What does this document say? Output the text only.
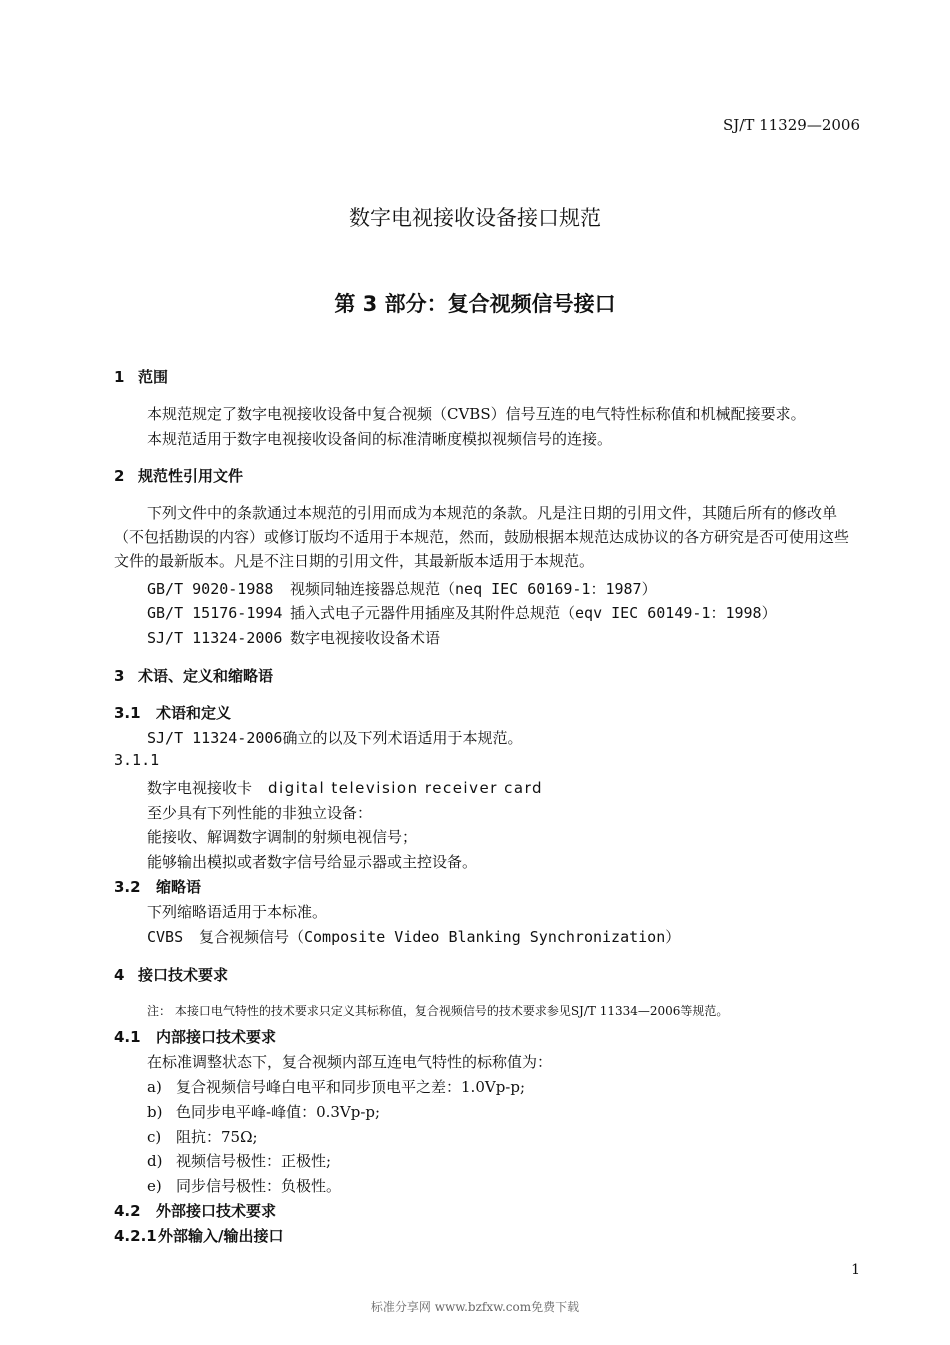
SJ/T 11329—2006
数字电视接收设备接口规范
第 3 部分：复合视频信号接口
1 范围
本规范规定了数字电视接收设备中复合视频（CVBS）信号互连的电气特性标称值和机械配接要求。
本规范适用于数字电视接收设备间的标准清晰度模拟视频信号的连接。
2 规范性引用文件
下列文件中的条款通过本规范的引用而成为本规范的条款。凡是注日期的引用文件，其随后所有的修改单（不包括勘误的内容）或修订版均不适用于本规范，然而，鼓励根据本规范达成协议的各方研究是否可使用这些文件的最新版本。凡是不注日期的引用文件，其最新版本适用于本规范。
GB/T 9020-1988 视频同轴连接器总规范（neq IEC 60169-1：1987）
GB/T 15176-1994 插入式电子元器件用插座及其附件总规范（eqv IEC 60149-1：1998）
SJ/T 11324-2006 数字电视接收设备术语
3 术语、定义和缩略语
3.1 术语和定义
SJ/T 11324-2006确立的以及下列术语适用于本规范。
3.1.1
数字电视接收卡 digital television receiver card
至少具有下列性能的非独立设备：
能接收、解调数字调制的射频电视信号；
能够输出模拟或者数字信号给显示器或主控设备。
3.2 缩略语
下列缩略语适用于本标准。
CVBS 复合视频信号（Composite Video Blanking Synchronization）
4 接口技术要求
注： 本接口电气特性的技术要求只定义其标称值，复合视频信号的技术要求参见SJ/T 11334—2006等规范。
4.1 内部接口技术要求
在标准调整状态下，复合视频内部互连电气特性的标称值为：
a) 复合视频信号峰白电平和同步顶电平之差：1.0Vp-p;
b) 色同步电平峰-峰值：0.3Vp-p;
c) 阻抗：75Ω;
d) 视频信号极性：正极性;
e) 同步信号极性：负极性。
4.2 外部接口技术要求
4.2.1外部输入/输出接口
1
标准分享网 www.bzfxw.com免费下载
